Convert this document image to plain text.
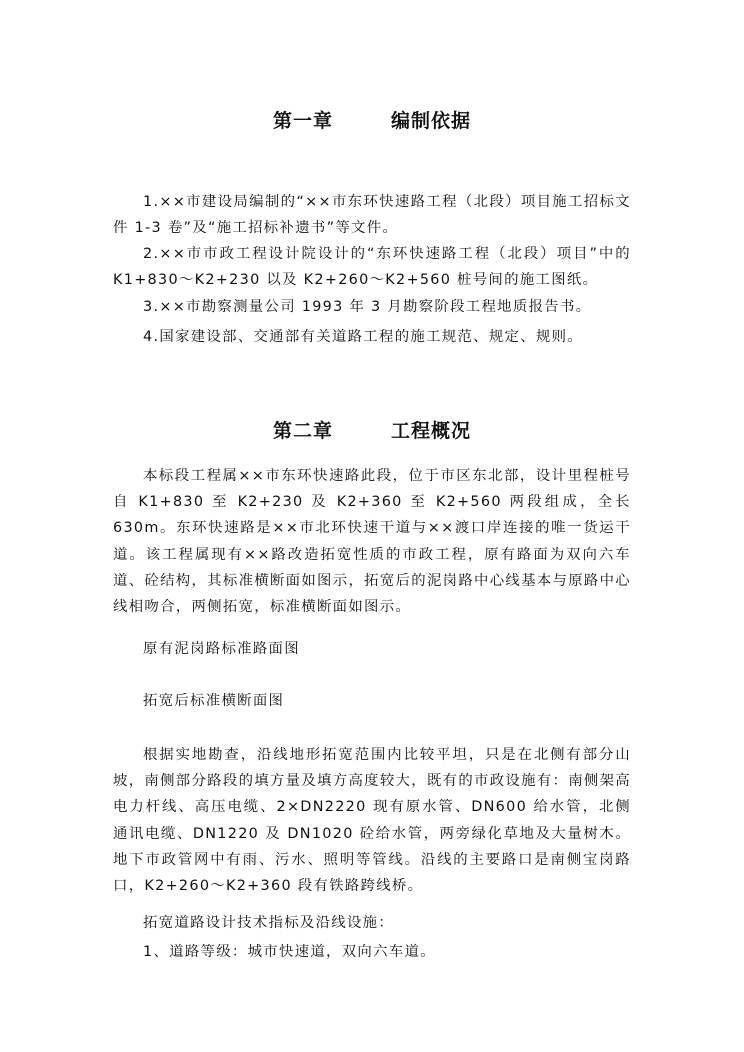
第一章	编制依据
1.××市建设局编制的“××市东环快速路工程（北段）项目施工招标文件 1-3 卷”及“施工招标补遗书”等文件。
2.××市市政工程设计院设计的“东环快速路工程（北段）项目”中的 K1+830～K2+230 以及 K2+260～K2+560 桩号间的施工图纸。
3.××市勘察测量公司 1993 年 3 月勘察阶段工程地质报告书。
4.国家建设部、交通部有关道路工程的施工规范、规定、规则。
第二章	工程概况
本标段工程属××市东环快速路此段，位于市区东北部，设计里程桩号自 K1+830 至 K2+230 及 K2+360 至 K2+560 两段组成，全长 630m。东环快速路是××市北环快速干道与××渡口岸连接的唯一货运干道。该工程属现有××路改造拓宽性质的市政工程，原有路面为双向六车道、砼结构，其标准横断面如图示，拓宽后的泥岗路中心线基本与原路中心线相吻合，两侧拓宽，标准横断面如图示。
原有泥岗路标准路面图
拓宽后标准横断面图
根据实地勘查，沿线地形拓宽范围内比较平坦，只是在北侧有部分山坡，南侧部分路段的填方量及填方高度较大，既有的市政设施有：南侧架高电力杆线、高压电缆、2×DN2220 现有原水管、DN600 给水管，北侧通讯电缆、DN1220 及 DN1020 砼给水管，两旁绿化草地及大量树木。地下市政管网中有雨、污水、照明等管线。沿线的主要路口是南侧宝岗路口，K2+260～K2+360 段有铁路跨线桥。
拓宽道路设计技术指标及沿线设施：
1、道路等级：城市快速道，双向六车道。
